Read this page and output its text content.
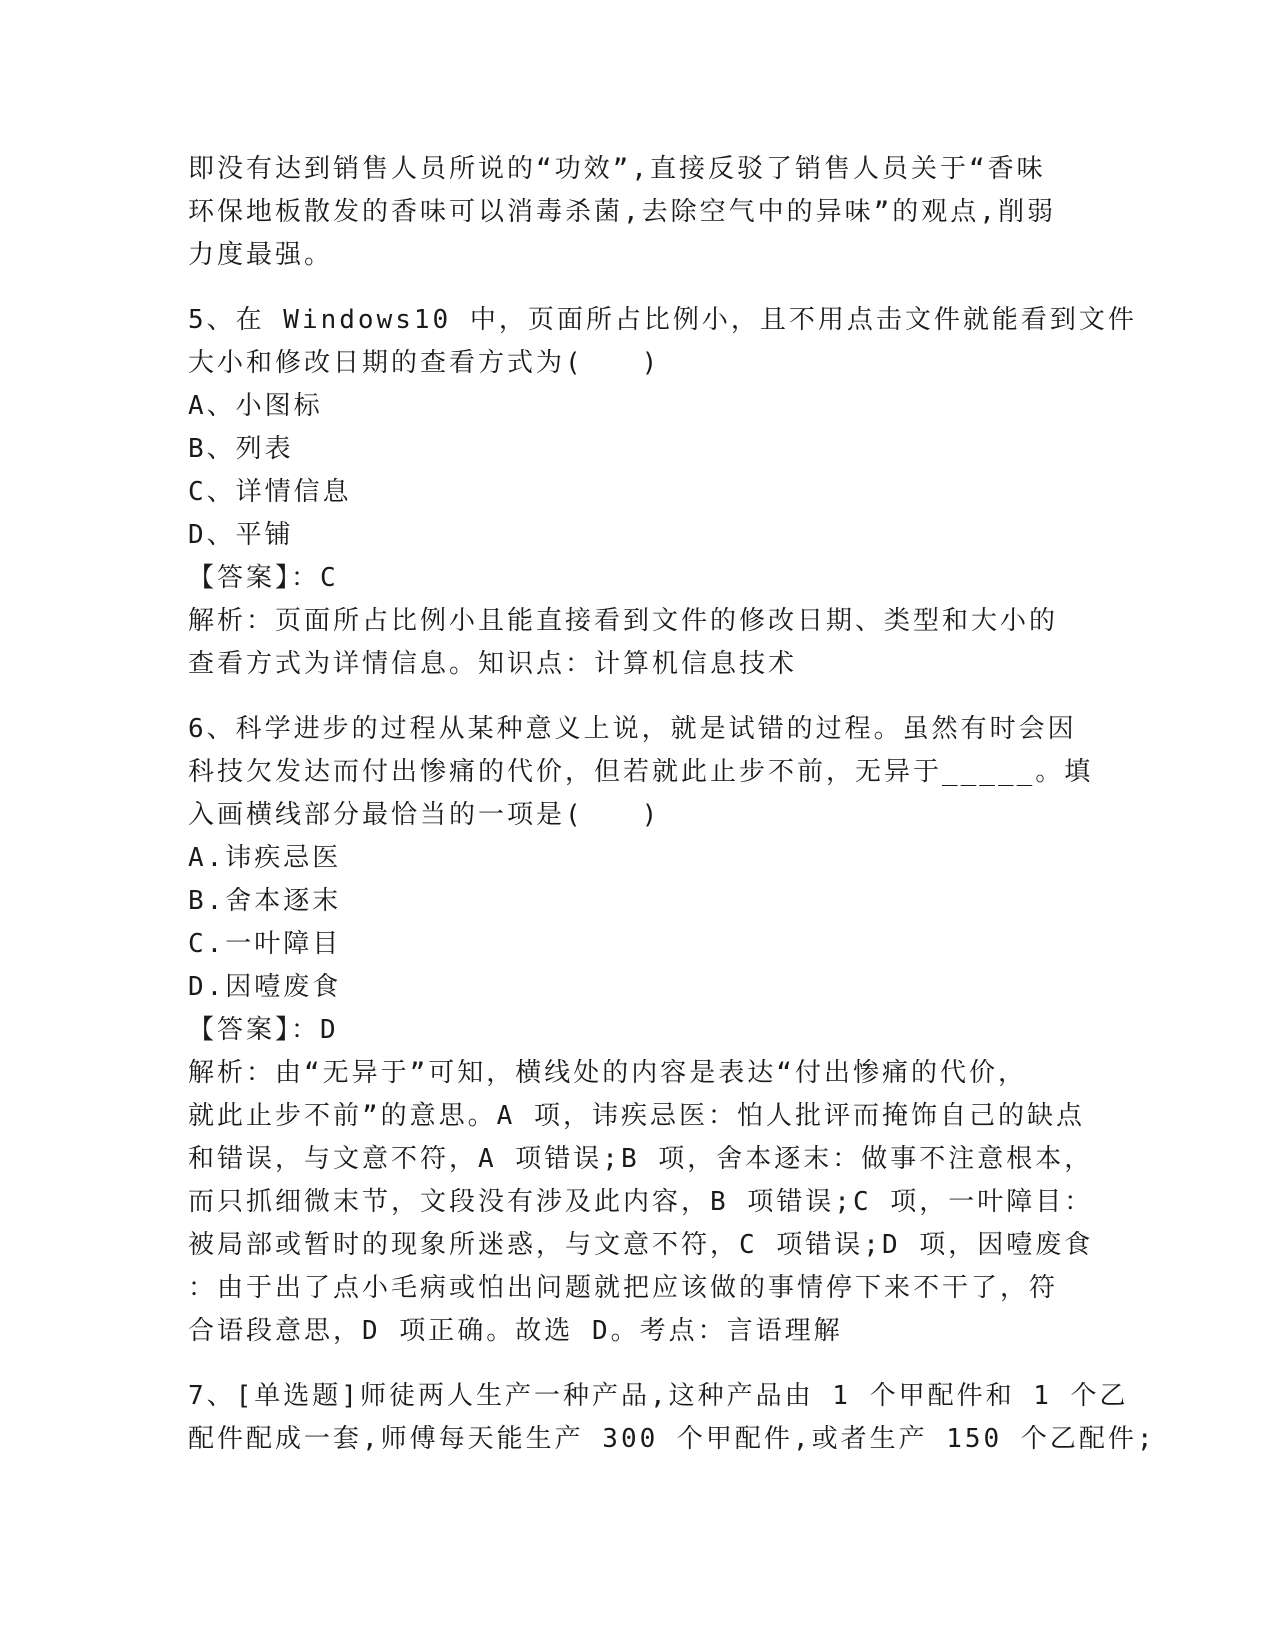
即没有达到销售人员所说的“功效”,直接反驳了销售人员关于“香味
环保地板散发的香味可以消毒杀菌,去除空气中的异味”的观点,削弱
力度最强。
5、在 Windows10 中，页面所占比例小，且不用点击文件就能看到文件
大小和修改日期的查看方式为(　　)
A、小图标
B、列表
C、详情信息
D、平铺
【答案】：C
解析：页面所占比例小且能直接看到文件的修改日期、类型和大小的
查看方式为详情信息。知识点：计算机信息技术
6、科学进步的过程从某种意义上说，就是试错的过程。虽然有时会因
科技欠发达而付出惨痛的代价，但若就此止步不前，无异于_____。填
入画横线部分最恰当的一项是(　　)
A.讳疾忌医
B.舍本逐末
C.一叶障目
D.因噎废食
【答案】：D
解析：由“无异于”可知，横线处的内容是表达“付出惨痛的代价，
就此止步不前”的意思。A 项，讳疾忌医：怕人批评而掩饰自己的缺点
和错误，与文意不符，A 项错误;B 项，舍本逐末：做事不注意根本，
而只抓细微末节，文段没有涉及此内容，B 项错误;C 项，一叶障目：
被局部或暂时的现象所迷惑，与文意不符，C 项错误;D 项，因噎废食
：由于出了点小毛病或怕出问题就把应该做的事情停下来不干了，符
合语段意思，D 项正确。故选 D。考点：言语理解
7、[单选题]师徒两人生产一种产品,这种产品由 1 个甲配件和 1 个乙
配件配成一套,师傅每天能生产 300 个甲配件,或者生产 150 个乙配件;
